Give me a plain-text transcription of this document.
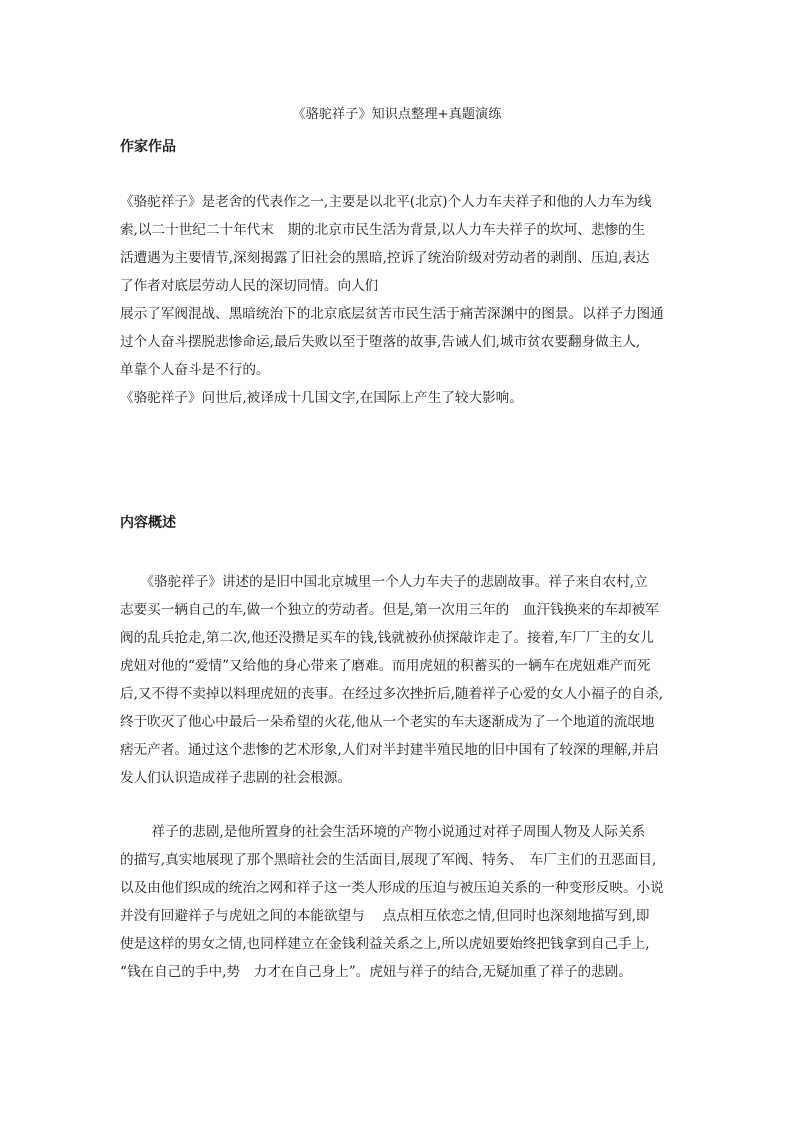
《骆驼祥子》知识点整理+真题演练
作家作品
《骆驼祥子》是老舍的代表作之一,主要是以北平(北京)个人力车夫祥子和他的人力车为线
索,以二十世纪二十年代末　期的北京市民生活为背景,以人力车夫祥子的坎坷、悲惨的生
活遭遇为主要情节,深刻揭露了旧社会的黑暗,控诉了统治阶级对劳动者的剥削、压迫,表达
了作者对底层劳动人民的深切同情。向人们
展示了军阀混战、黑暗统治下的北京底层贫苦市民生活于痛苦深渊中的图景。以祥子力图通
过个人奋斗摆脱悲惨命运,最后失败以至于堕落的故事,告诫人们,城市贫农要翻身做主人,
单靠个人奋斗是不行的。
《骆驼祥子》问世后,被译成十几国文字,在国际上产生了较大影响。
内容概述
　　《骆驼祥子》讲述的是旧中国北京城里一个人力车夫子的悲剧故事。祥子来自农村,立
志要买一辆自己的车,做一个独立的劳动者。但是,第一次用三年的　血汗钱换来的车却被军
阀的乱兵抢走,第二次,他还没攒足买车的钱,钱就被孙侦探敲诈走了。接着,车厂厂主的女儿
虎妞对他的“爱情”又给他的身心带来了磨难。而用虎妞的积蓄买的一辆车在虎妞难产而死
后,又不得不卖掉以料理虎妞的丧事。在经过多次挫折后,随着祥子心爱的女人小福子的自杀,
终于吹灭了他心中最后一朵希望的火花,他从一个老实的车夫逐渐成为了一个地道的流氓地
痞无产者。通过这个悲惨的艺术形象,人们对半封建半殖民地的旧中国有了较深的理解,并启
发人们认识造成祥子悲剧的社会根源。
　　 祥子的悲剧,是他所置身的社会生活环境的产物小说通过对祥子周围人物及人际关系
的描写,真实地展现了那个黑暗社会的生活面目,展现了军阀、特务、　车厂主们的丑恶面目,
以及由他们织成的统治之网和祥子这一类人形成的压迫与被压迫关系的一种变形反映。小说
并没有回避祥子与虎妞之间的本能欲望与　 点点相互依恋之情,但同时也深刻地描写到,即
使是这样的男女之情,也同样建立在金钱利益关系之上,所以虎妞要始终把钱拿到自己手上,
“钱在自己的手中,势　力才在自己身上”。虎妞与祥子的结合,无疑加重了祥子的悲剧。
